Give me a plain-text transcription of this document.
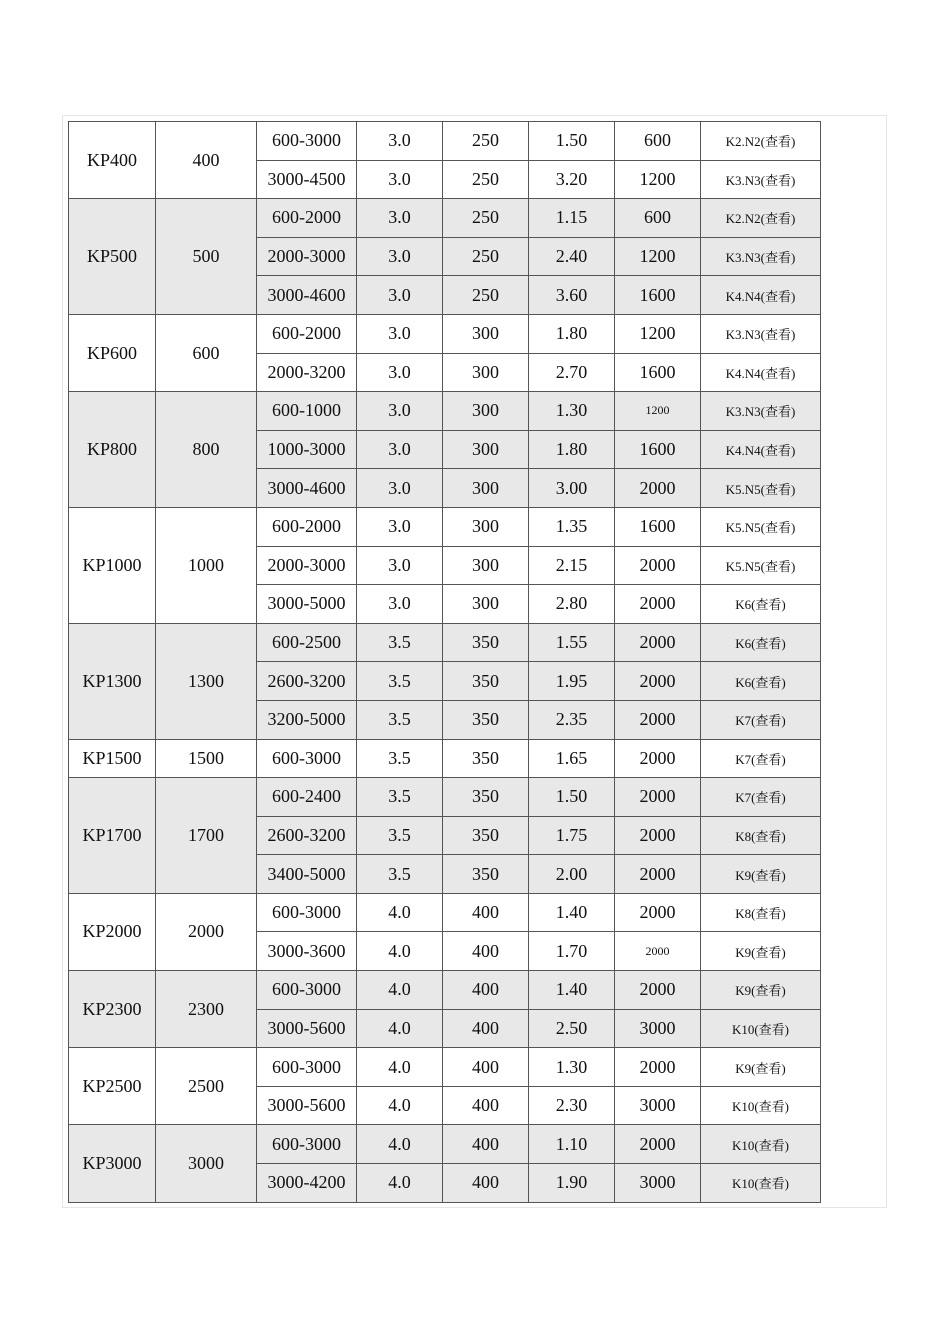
KP400	400	600-3000	3.0	250	1.50	600	K2.N2(查看)
		3000-4500	3.0	250	3.20	1200	K3.N3(查看)
KP500	500	600-2000	3.0	250	1.15	600	K2.N2(查看)
		2000-3000	3.0	250	2.40	1200	K3.N3(查看)
		3000-4600	3.0	250	3.60	1600	K4.N4(查看)
KP600	600	600-2000	3.0	300	1.80	1200	K3.N3(查看)
		2000-3200	3.0	300	2.70	1600	K4.N4(查看)
KP800	800	600-1000	3.0	300	1.30	1200	K3.N3(查看)
		1000-3000	3.0	300	1.80	1600	K4.N4(查看)
		3000-4600	3.0	300	3.00	2000	K5.N5(查看)
KP1000	1000	600-2000	3.0	300	1.35	1600	K5.N5(查看)
		2000-3000	3.0	300	2.15	2000	K5.N5(查看)
		3000-5000	3.0	300	2.80	2000	K6(查看)
KP1300	1300	600-2500	3.5	350	1.55	2000	K6(查看)
		2600-3200	3.5	350	1.95	2000	K6(查看)
		3200-5000	3.5	350	2.35	2000	K7(查看)
KP1500	1500	600-3000	3.5	350	1.65	2000	K7(查看)
KP1700	1700	600-2400	3.5	350	1.50	2000	K7(查看)
		2600-3200	3.5	350	1.75	2000	K8(查看)
		3400-5000	3.5	350	2.00	2000	K9(查看)
KP2000	2000	600-3000	4.0	400	1.40	2000	K8(查看)
		3000-3600	4.0	400	1.70	2000	K9(查看)
KP2300	2300	600-3000	4.0	400	1.40	2000	K9(查看)
		3000-5600	4.0	400	2.50	3000	K10(查看)
KP2500	2500	600-3000	4.0	400	1.30	2000	K9(查看)
		3000-5600	4.0	400	2.30	3000	K10(查看)
KP3000	3000	600-3000	4.0	400	1.10	2000	K10(查看)
		3000-4200	4.0	400	1.90	3000	K10(查看)
